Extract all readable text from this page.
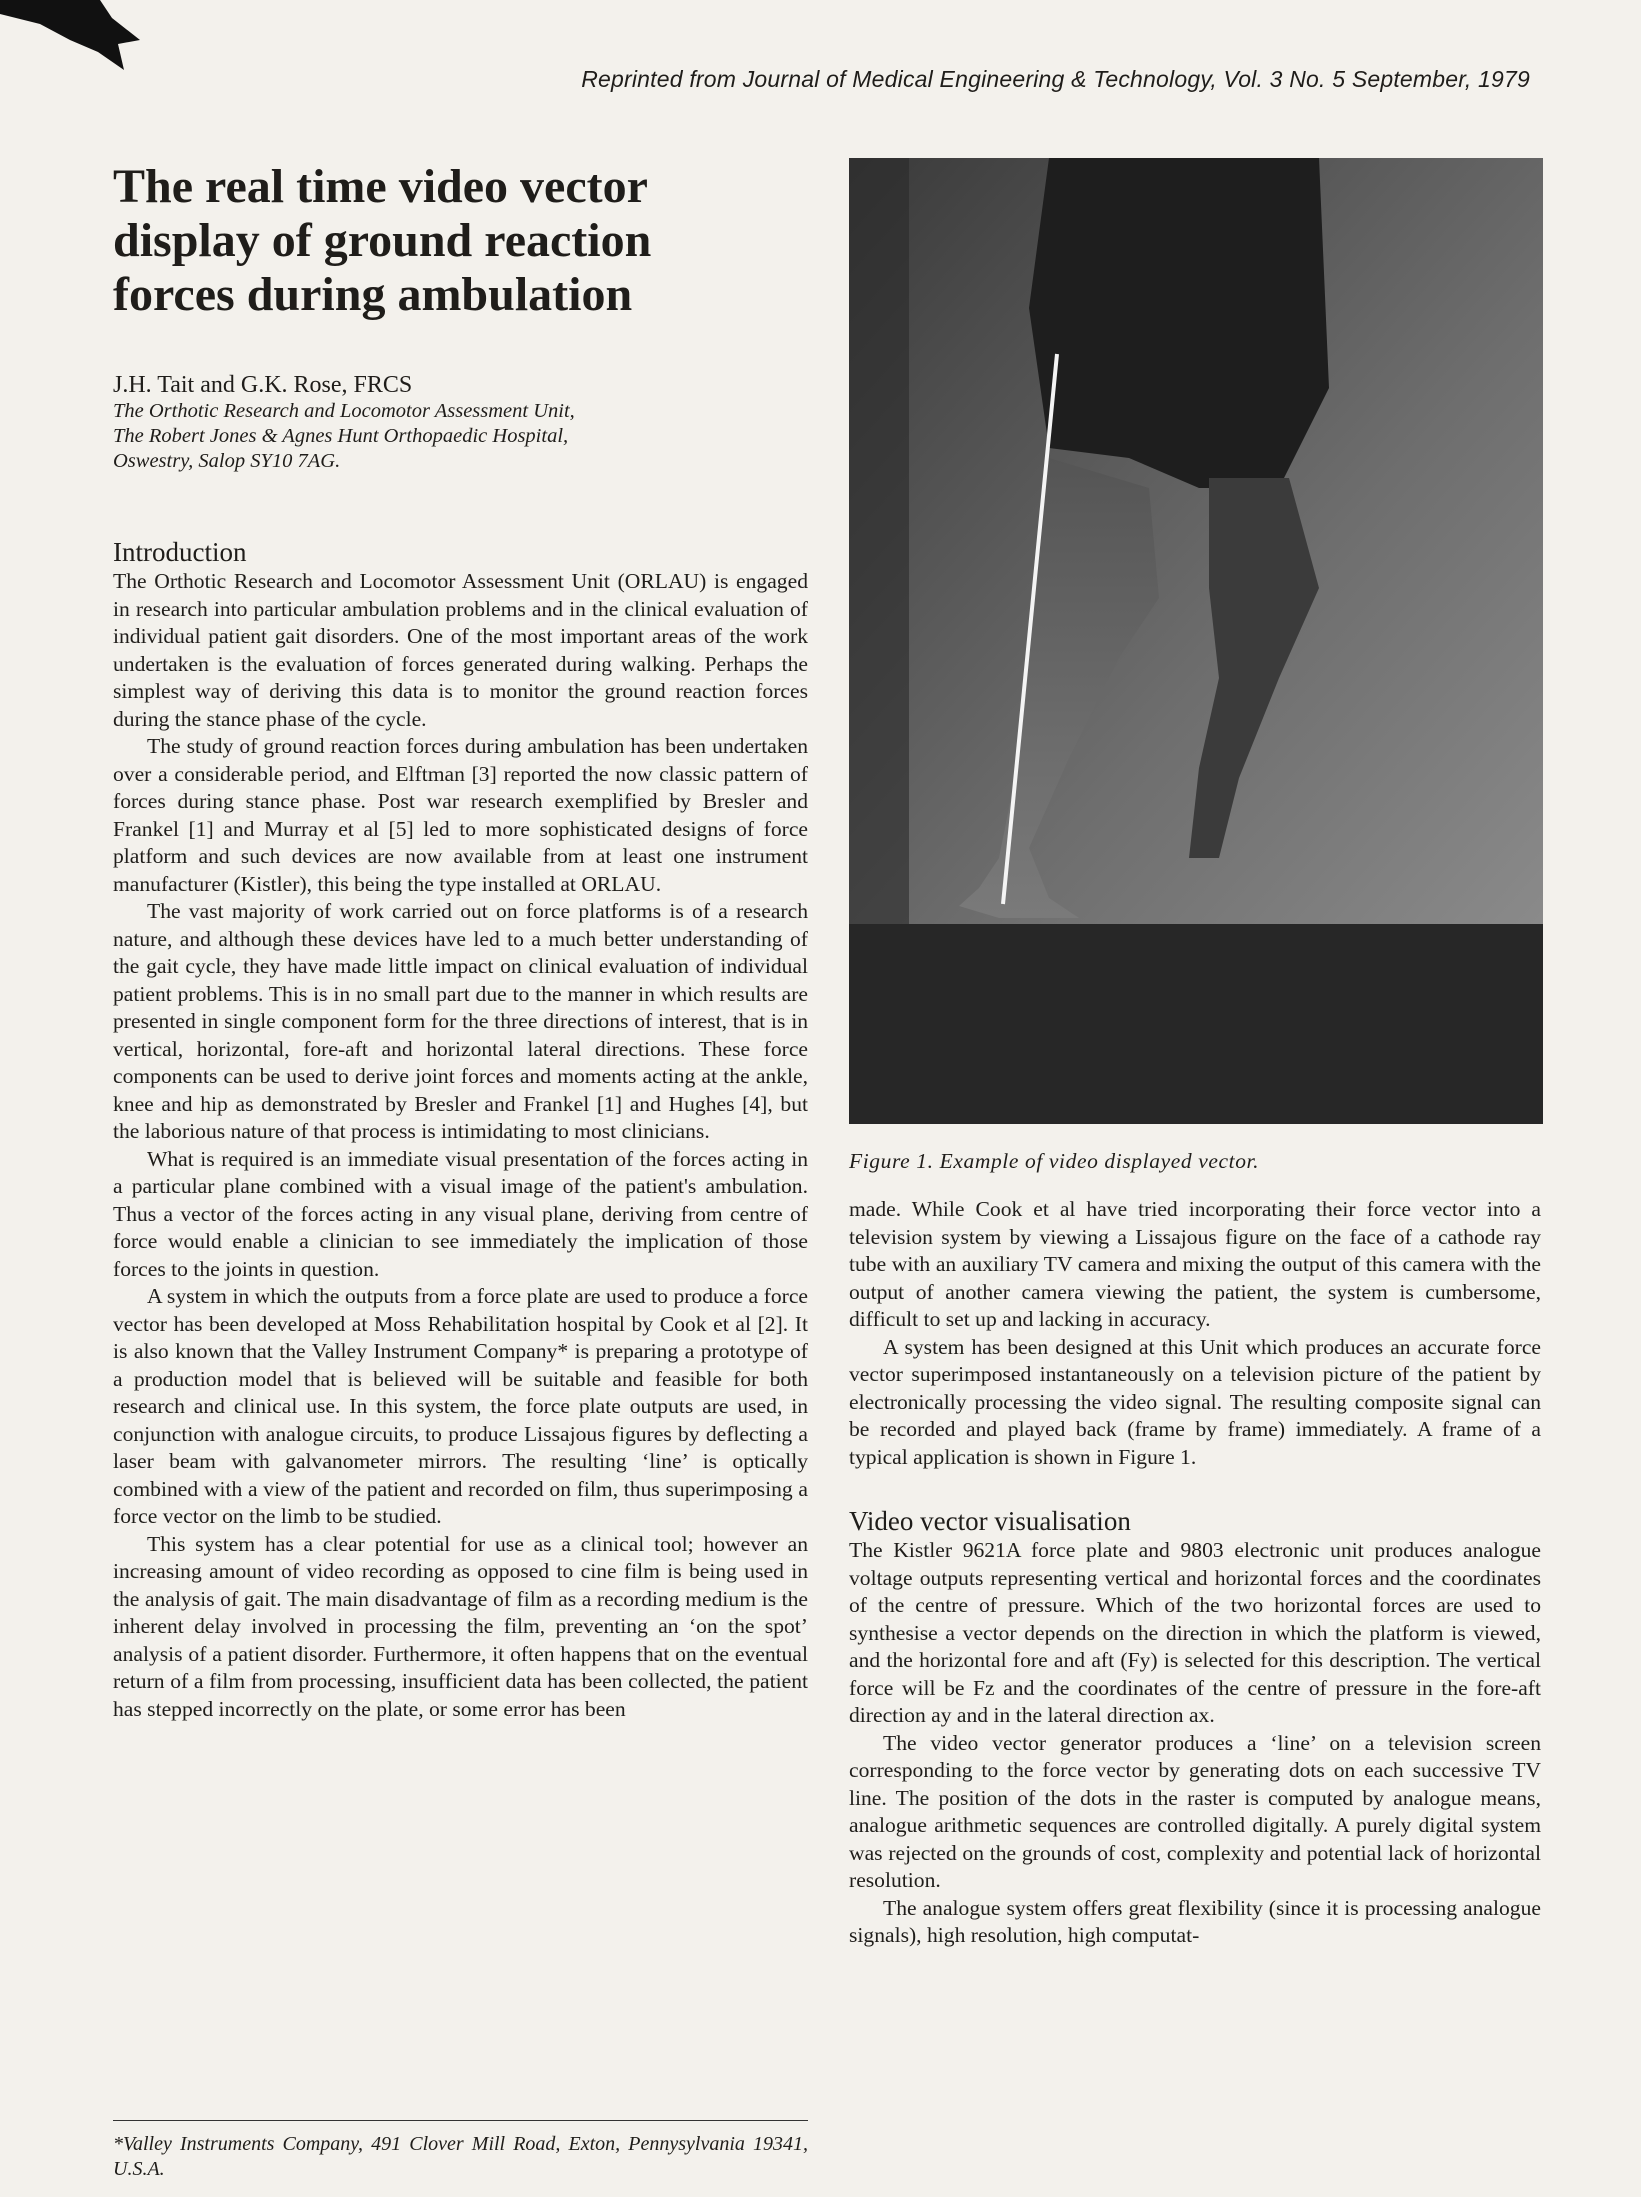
Reprinted from Journal of Medical Engineering & Technology, Vol. 3 No. 5 September, 1979
The real time video vector display of ground reaction forces during ambulation
J.H. Tait and G.K. Rose, FRCS
The Orthotic Research and Locomotor Assessment Unit,
The Robert Jones & Agnes Hunt Orthopaedic Hospital,
Oswestry, Salop SY10 7AG.
Introduction

The Orthotic Research and Locomotor Assessment Unit (ORLAU) is engaged in research into particular ambulation problems and in the clinical evaluation of individual patient gait disorders. One of the most important areas of the work undertaken is the evaluation of forces generated during walking. Perhaps the simplest way of deriving this data is to monitor the ground reaction forces during the stance phase of the cycle.

The study of ground reaction forces during ambulation has been undertaken over a considerable period, and Elftman [3] reported the now classic pattern of forces during stance phase. Post war research exemplified by Bresler and Frankel [1] and Murray et al [5] led to more sophisticated designs of force platform and such devices are now available from at least one instrument manufacturer (Kistler), this being the type installed at ORLAU.

The vast majority of work carried out on force platforms is of a research nature, and although these devices have led to a much better understanding of the gait cycle, they have made little impact on clinical evaluation of individual patient problems. This is in no small part due to the manner in which results are presented in single component form for the three directions of interest, that is in vertical, horizontal, fore-aft and horizontal lateral directions. These force components can be used to derive joint forces and moments acting at the ankle, knee and hip as demonstrated by Bresler and Frankel [1] and Hughes [4], but the laborious nature of that process is intimidating to most clinicians.

What is required is an immediate visual presentation of the forces acting in a particular plane combined with a visual image of the patient's ambulation. Thus a vector of the forces acting in any visual plane, deriving from centre of force would enable a clinician to see immediately the implication of those forces to the joints in question.

A system in which the outputs from a force plate are used to produce a force vector has been developed at Moss Rehabilitation hospital by Cook et al [2]. It is also known that the Valley Instrument Company* is preparing a prototype of a production model that is believed will be suitable and feasible for both research and clinical use. In this system, the force plate outputs are used, in conjunction with analogue circuits, to produce Lissajous figures by deflecting a laser beam with galvanometer mirrors. The resulting ‘line’ is optically combined with a view of the patient and recorded on film, thus superimposing a force vector on the limb to be studied.

This system has a clear potential for use as a clinical tool; however an increasing amount of video recording as opposed to cine film is being used in the analysis of gait. The main disadvantage of film as a recording medium is the inherent delay involved in processing the film, preventing an ‘on the spot’ analysis of a patient disorder. Furthermore, it often happens that on the eventual return of a film from processing, insufficient data has been collected, the patient has stepped incorrectly on the plate, or some error has been

Figure 1. Example of video displayed vector.

made. While Cook et al have tried incorporating their force vector into a television system by viewing a Lissajous figure on the face of a cathode ray tube with an auxiliary TV camera and mixing the output of this camera with the output of another camera viewing the patient, the system is cumbersome, difficult to set up and lacking in accuracy.

A system has been designed at this Unit which produces an accurate force vector superimposed instantaneously on a television picture of the patient by electronically processing the video signal. The resulting composite signal can be recorded and played back (frame by frame) immediately. A frame of a typical application is shown in Figure 1.

Video vector visualisation

The Kistler 9621A force plate and 9803 electronic unit produces analogue voltage outputs representing vertical and horizontal forces and the coordinates of the centre of pressure. Which of the two horizontal forces are used to synthesise a vector depends on the direction in which the platform is viewed, and the horizontal fore and aft (Fy) is selected for this description. The vertical force will be Fz and the coordinates of the centre of pressure in the fore-aft direction ay and in the lateral direction ax.

The video vector generator produces a ‘line’ on a television screen corresponding to the force vector by generating dots on each successive TV line. The position of the dots in the raster is computed by analogue means, analogue arithmetic sequences are controlled digitally. A purely digital system was rejected on the grounds of cost, complexity and potential lack of horizontal resolution.

The analogue system offers great flexibility (since it is processing analogue signals), high resolution, high computat-

*Valley Instruments Company, 491 Clover Mill Road, Exton, Pennysylvania 19341, U.S.A.
